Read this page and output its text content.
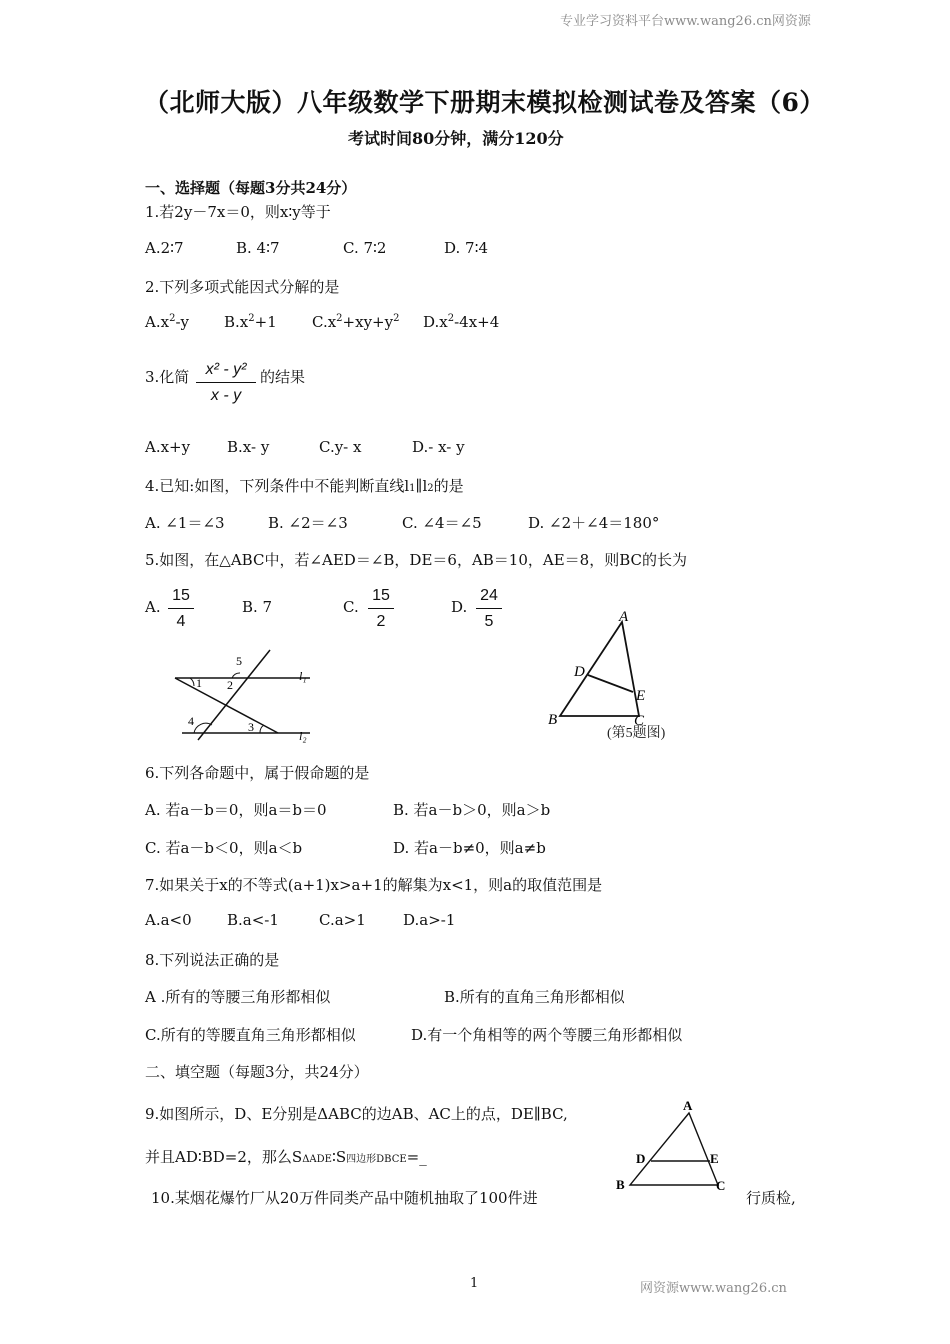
专业学习资料平台www.wang26.cn网资源
（北师大版）八年级数学下册期末模拟检测试卷及答案（6）
考试时间80分钟，满分120分
一、选择题（每题3分共24分）
1.若2y－7x＝0，则x∶y等于
A.2∶7	B. 4∶7	C. 7∶2	D. 7∶4
2.下列多项式能因式分解的是
$A.x^2-y$ $B.x^2+1$ $C.x^2+xy+y^2$ $D.x^2-4x+4$
3.化简	x² - y²
x - y
的结果
A.x+y B.x- y	C.y- x	D.- x- y
4.已知:如图，下列条件中不能判断直线l1∥l2的是
A. ∠1＝∠3	B. ∠2＝∠3	C. ∠4＝∠5	D. ∠2＋∠4＝180°
5.如图，在△ABC中，若∠AED＝∠B，DE＝6，AB＝10，AE＝8，则BC的长为
A.
15
4
B. 7	C.
15
2
D.
24
5
1 2
3
4
5
l₁
l₂
A
D
E
B	C
(第5题图)
6.下列各命题中，属于假命题的是
A. 若a－b＝0，则a＝b＝0	B. 若a－b＞0，则a＞b
C. 若a－b＜0，则a＜b	D. 若a－b≠0，则a≠b
7.如果关于x的不等式(a+1)x>a+1的解集为x<1，则a的取值范围是
A.a<0 B.a<-1	C.a>1 D.a>-1
8.下列说法正确的是
A .所有的等腰三角形都相似	B.所有的直角三角形都相似
C.所有的等腰直角三角形都相似	D.有一个角相等的两个等腰三角形都相似
二、填空题（每题3分，共24分）
9.如图所示，D、E分别是ΔABC的边AB、AC上的点，DE∥BC,
并且AD∶BD=2，那么SΔADE∶S四边形DBCE=_
A
D	E
B	C
10.某烟花爆竹厂从20万件同类产品中随机抽取了100件进	行质检,
1	网资源www.wang26.cn
